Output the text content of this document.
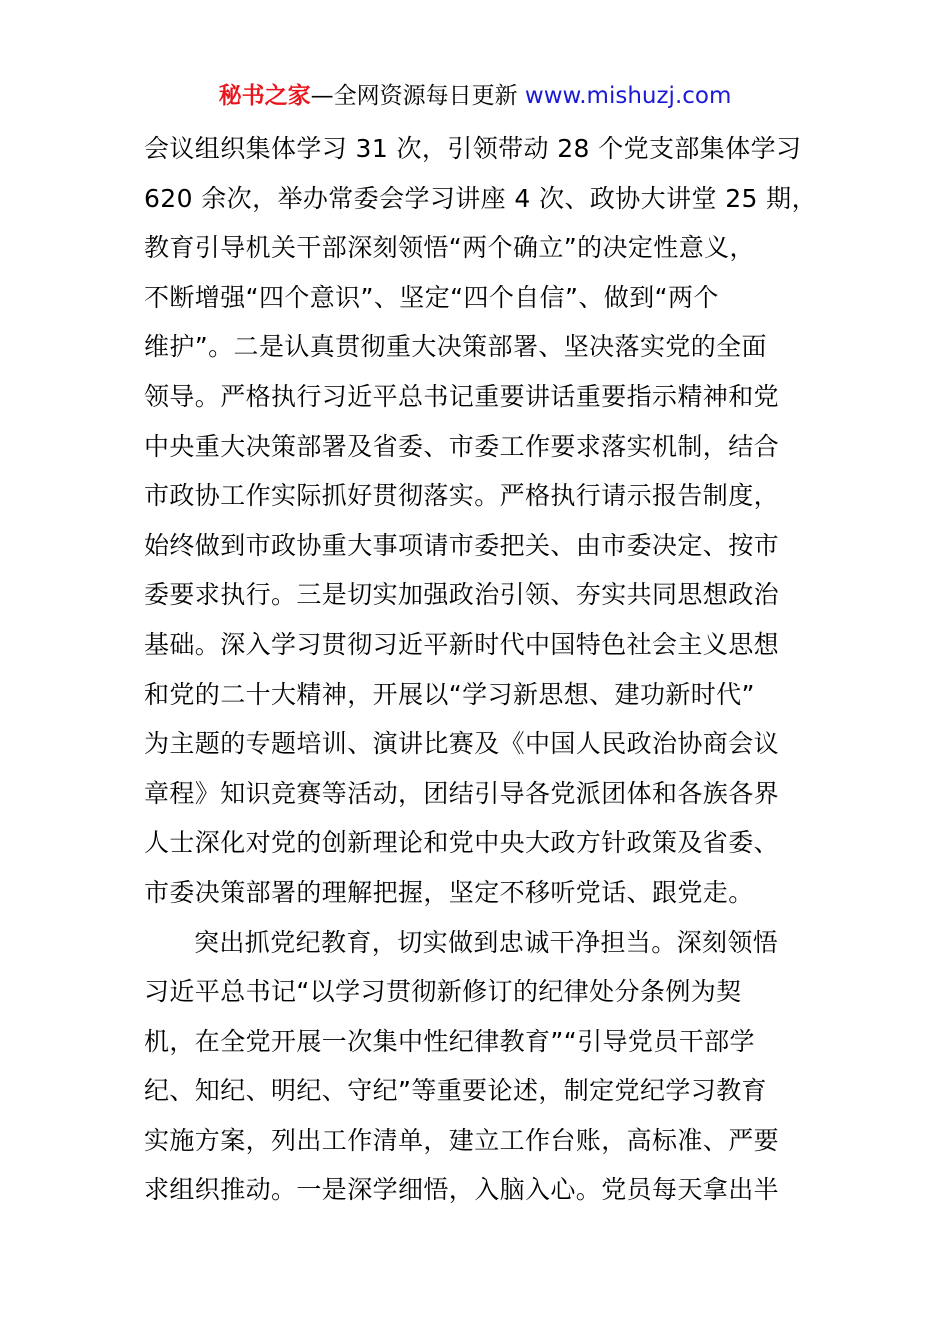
秘书之家—全网资源每日更新 www.mishuzj.com
会议组织集体学习 31 次，引领带动 28 个党支部集体学习
620 余次，举办常委会学习讲座 4 次、政协大讲堂 25 期，
教育引导机关干部深刻领悟“两个确立”的决定性意义，
不断增强“四个意识”、坚定“四个自信”、做到“两个
维护”。二是认真贯彻重大决策部署、坚决落实党的全面
领导。严格执行习近平总书记重要讲话重要指示精神和党
中央重大决策部署及省委、市委工作要求落实机制，结合
市政协工作实际抓好贯彻落实。严格执行请示报告制度，
始终做到市政协重大事项请市委把关、由市委决定、按市
委要求执行。三是切实加强政治引领、夯实共同思想政治
基础。深入学习贯彻习近平新时代中国特色社会主义思想
和党的二十大精神，开展以“学习新思想、建功新时代”
为主题的专题培训、演讲比赛及《中国人民政治协商会议
章程》知识竞赛等活动，团结引导各党派团体和各族各界
人士深化对党的创新理论和党中央大政方针政策及省委、
市委决策部署的理解把握，坚定不移听党话、跟党走。
突出抓党纪教育，切实做到忠诚干净担当。深刻领悟
习近平总书记“以学习贯彻新修订的纪律处分条例为契
机，在全党开展一次集中性纪律教育”“引导党员干部学
纪、知纪、明纪、守纪”等重要论述，制定党纪学习教育
实施方案，列出工作清单，建立工作台账，高标准、严要
求组织推动。一是深学细悟，入脑入心。党员每天拿出半
